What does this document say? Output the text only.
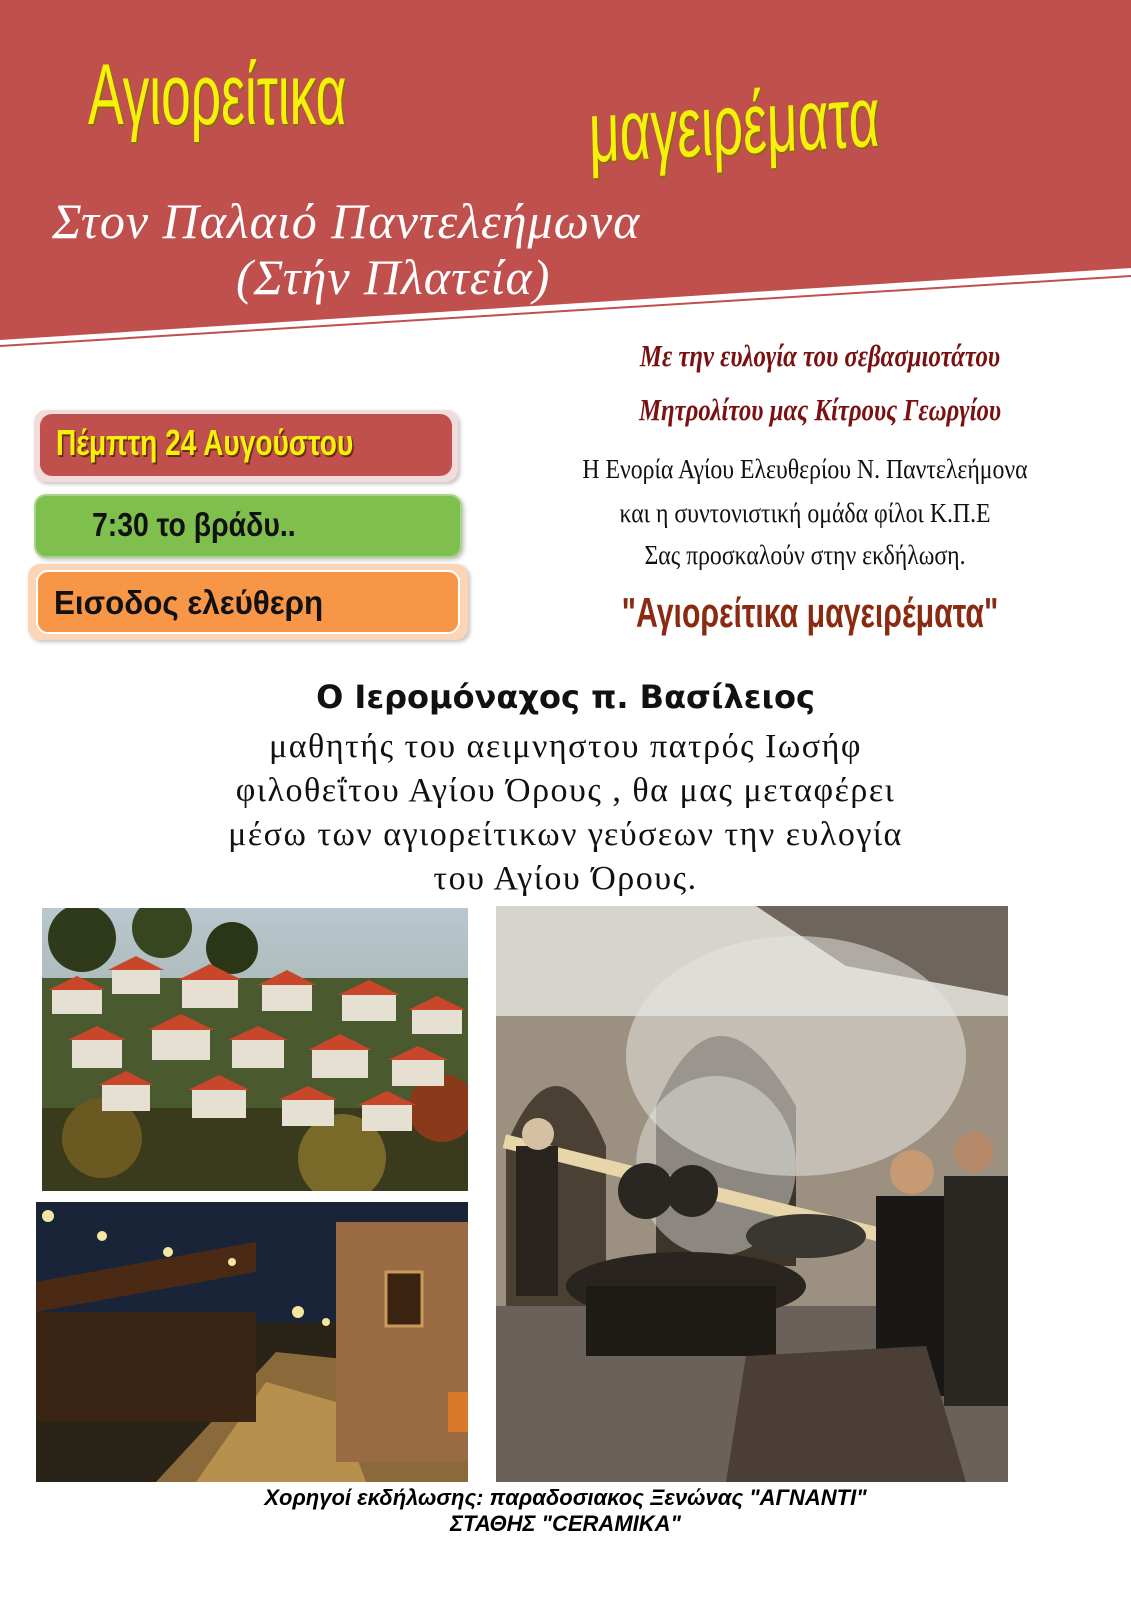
Αγιορείτικα	μαγειρέματα
Στον Παλαιό Παντελεήμωνα
(Στήν Πλατεία)
Με την ευλογία του σεβασμιοτάτου
Μητρολίτου μας Κίτρους Γεωργίου
Η Ενορία Αγίου Ελευθερίου Ν. Παντελεήμονα
και η συντονιστική ομάδα φίλοι Κ.Π.Ε
Σας προσκαλούν στην εκδήλωση.
"Αγιορείτικα μαγειρέματα"
Πέμπτη 24 Αυγούστου
7:30 το βράδυ..
Εισοδος ελεύθερη
Ο Ιερομόναχος π. Βασίλειος
μαθητής του αειμνηστου πατρός Ιωσήφ
φιλοθεΐτου Αγίου Όρους , θα μας μεταφέρει
μέσω των αγιορείτικων γεύσεων την ευλογία
του Αγίου Όρους.
Χορηγοί εκδήλωσης: παραδοσιακος Ξενώνας "ΑΓΝΑΝΤΙ"
ΣΤΑΘΗΣ "CERAMIKA"
